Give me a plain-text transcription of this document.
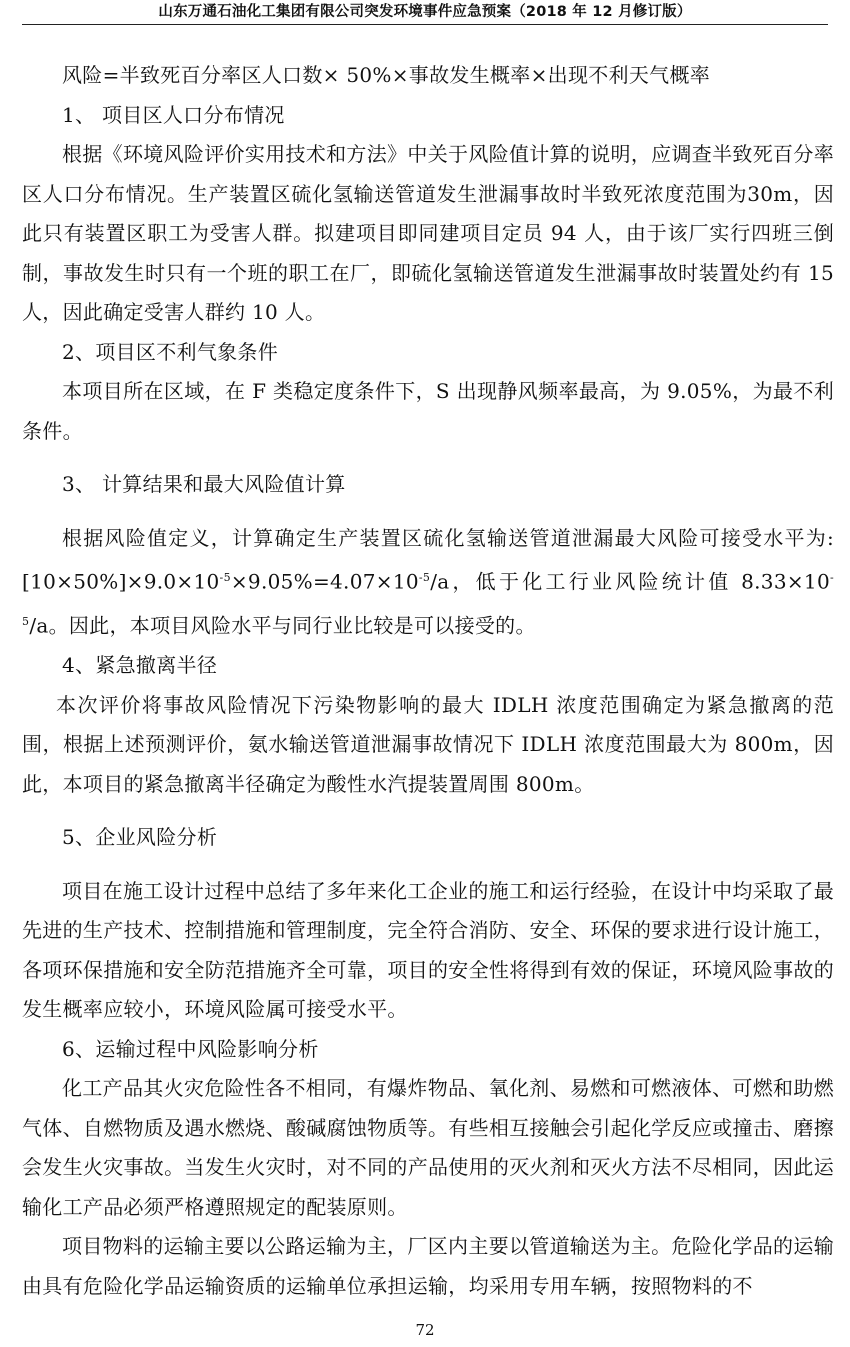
山东万通石油化工集团有限公司突发环境事件应急预案（2018 年 12 月修订版）

风险=半致死百分率区人口数× 50%×事故发生概率×出现不利天气概率

1、 项目区人口分布情况

根据《环境风险评价实用技术和方法》中关于风险值计算的说明，应调查半致死百分率区人口分布情况。生产装置区硫化氢输送管道发生泄漏事故时半致死浓度范围为30m，因此只有装置区职工为受害人群。拟建项目即同建项目定员 94 人，由于该厂实行四班三倒制，事故发生时只有一个班的职工在厂，即硫化氢输送管道发生泄漏事故时装置处约有 15 人，因此确定受害人群约 10 人。

2、项目区不利气象条件

本项目所在区域，在 F 类稳定度条件下，S 出现静风频率最高，为 9.05%，为最不利条件。

3、 计算结果和最大风险值计算

根据风险值定义，计算确定生产装置区硫化氢输送管道泄漏最大风险可接受水平为: $[10\times 50\%]\times 9.0\times 10^{-5}\times 9.05\%=4.07\times 10^{-5}/a$，低于化工行业风险统计值 $8.33\times 10^{-5}/a$。因此，本项目风险水平与同行业比较是可以接受的。

4、紧急撤离半径

本次评价将事故风险情况下污染物影响的最大 IDLH 浓度范围确定为紧急撤离的范围，根据上述预测评价，氨水输送管道泄漏事故情况下 IDLH 浓度范围最大为 800m，因此，本项目的紧急撤离半径确定为酸性水汽提装置周围 800m。

5、企业风险分析

项目在施工设计过程中总结了多年来化工企业的施工和运行经验，在设计中均采取了最先进的生产技术、控制措施和管理制度，完全符合消防、安全、环保的要求进行设计施工，各项环保措施和安全防范措施齐全可靠，项目的安全性将得到有效的保证，环境风险事故的发生概率应较小，环境风险属可接受水平。

6、运输过程中风险影响分析

化工产品其火灾危险性各不相同，有爆炸物品、氧化剂、易燃和可燃液体、可燃和助燃气体、自燃物质及遇水燃烧、酸碱腐蚀物质等。有些相互接触会引起化学反应或撞击、磨擦会发生火灾事故。当发生火灾时，对不同的产品使用的灭火剂和灭火方法不尽相同，因此运输化工产品必须严格遵照规定的配装原则。

项目物料的运输主要以公路运输为主，厂区内主要以管道输送为主。危险化学品的运输由具有危险化学品运输资质的运输单位承担运输，均采用专用车辆，按照物料的不

72
